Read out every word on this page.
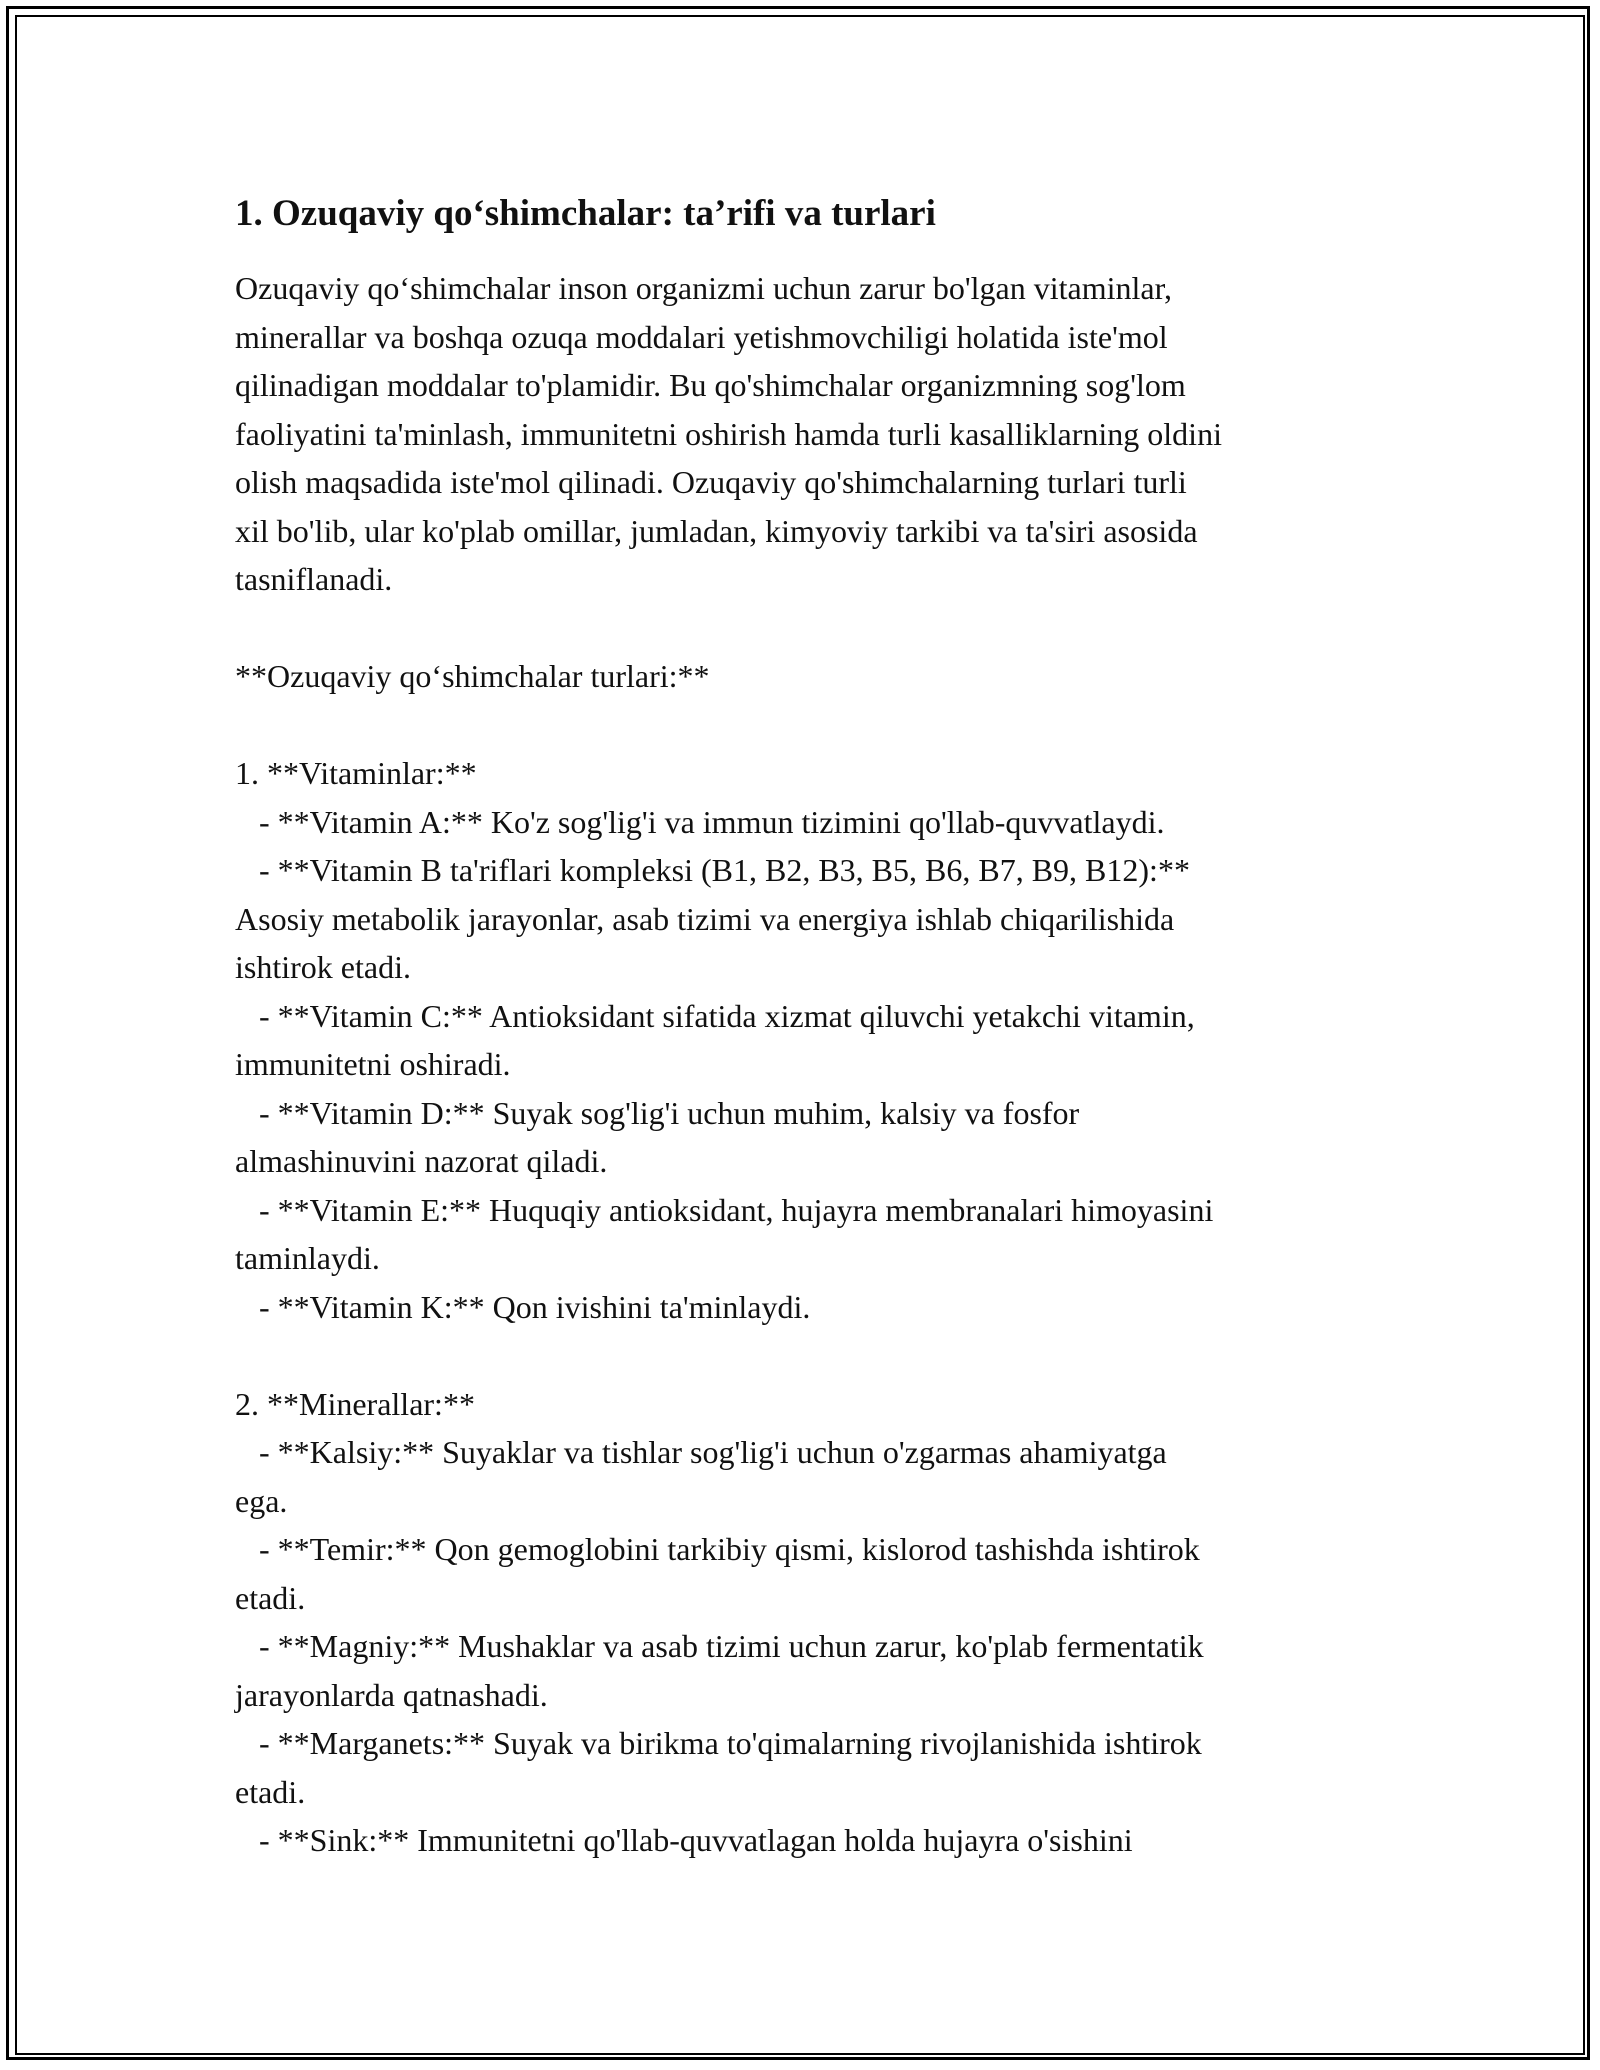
1. Ozuqaviy qo‘shimchalar: ta’rifi va turlari

Ozuqaviy qo‘shimchalar inson organizmi uchun zarur bo'lgan vitaminlar,

minerallar va boshqa ozuqa moddalari yetishmovchiligi holatida iste'mol

qilinadigan moddalar to'plamidir. Bu qo'shimchalar organizmning sog'lom

faoliyatini ta'minlash, immunitetni oshirish hamda turli kasalliklarning oldini

olish maqsadida iste'mol qilinadi. Ozuqaviy qo'shimchalarning turlari turli

xil bo'lib, ular ko'plab omillar, jumladan, kimyoviy tarkibi va ta'siri asosida

tasniflanadi.

**Ozuqaviy qo‘shimchalar turlari:**

1. **Vitaminlar:**

- **Vitamin A:** Ko'z sog'lig'i va immun tizimini qo'llab-quvvatlaydi.

- **Vitamin B ta'riflari kompleksi (B1, B2, B3, B5, B6, B7, B9, B12):**

Asosiy metabolik jarayonlar, asab tizimi va energiya ishlab chiqarilishida

ishtirok etadi.

- **Vitamin C:** Antioksidant sifatida xizmat qiluvchi yetakchi vitamin,

immunitetni oshiradi.

- **Vitamin D:** Suyak sog'lig'i uchun muhim, kalsiy va fosfor

almashinuvini nazorat qiladi.

- **Vitamin E:** Huquqiy antioksidant, hujayra membranalari himoyasini

taminlaydi.

- **Vitamin K:** Qon ivishini ta'minlaydi.

2. **Minerallar:**

- **Kalsiy:** Suyaklar va tishlar sog'lig'i uchun o'zgarmas ahamiyatga

ega.

- **Temir:** Qon gemoglobini tarkibiy qismi, kislorod tashishda ishtirok

etadi.

- **Magniy:** Mushaklar va asab tizimi uchun zarur, ko'plab fermentatik

jarayonlarda qatnashadi.

- **Marganets:** Suyak va birikma to'qimalarning rivojlanishida ishtirok

etadi.

- **Sink:** Immunitetni qo'llab-quvvatlagan holda hujayra o'sishini
